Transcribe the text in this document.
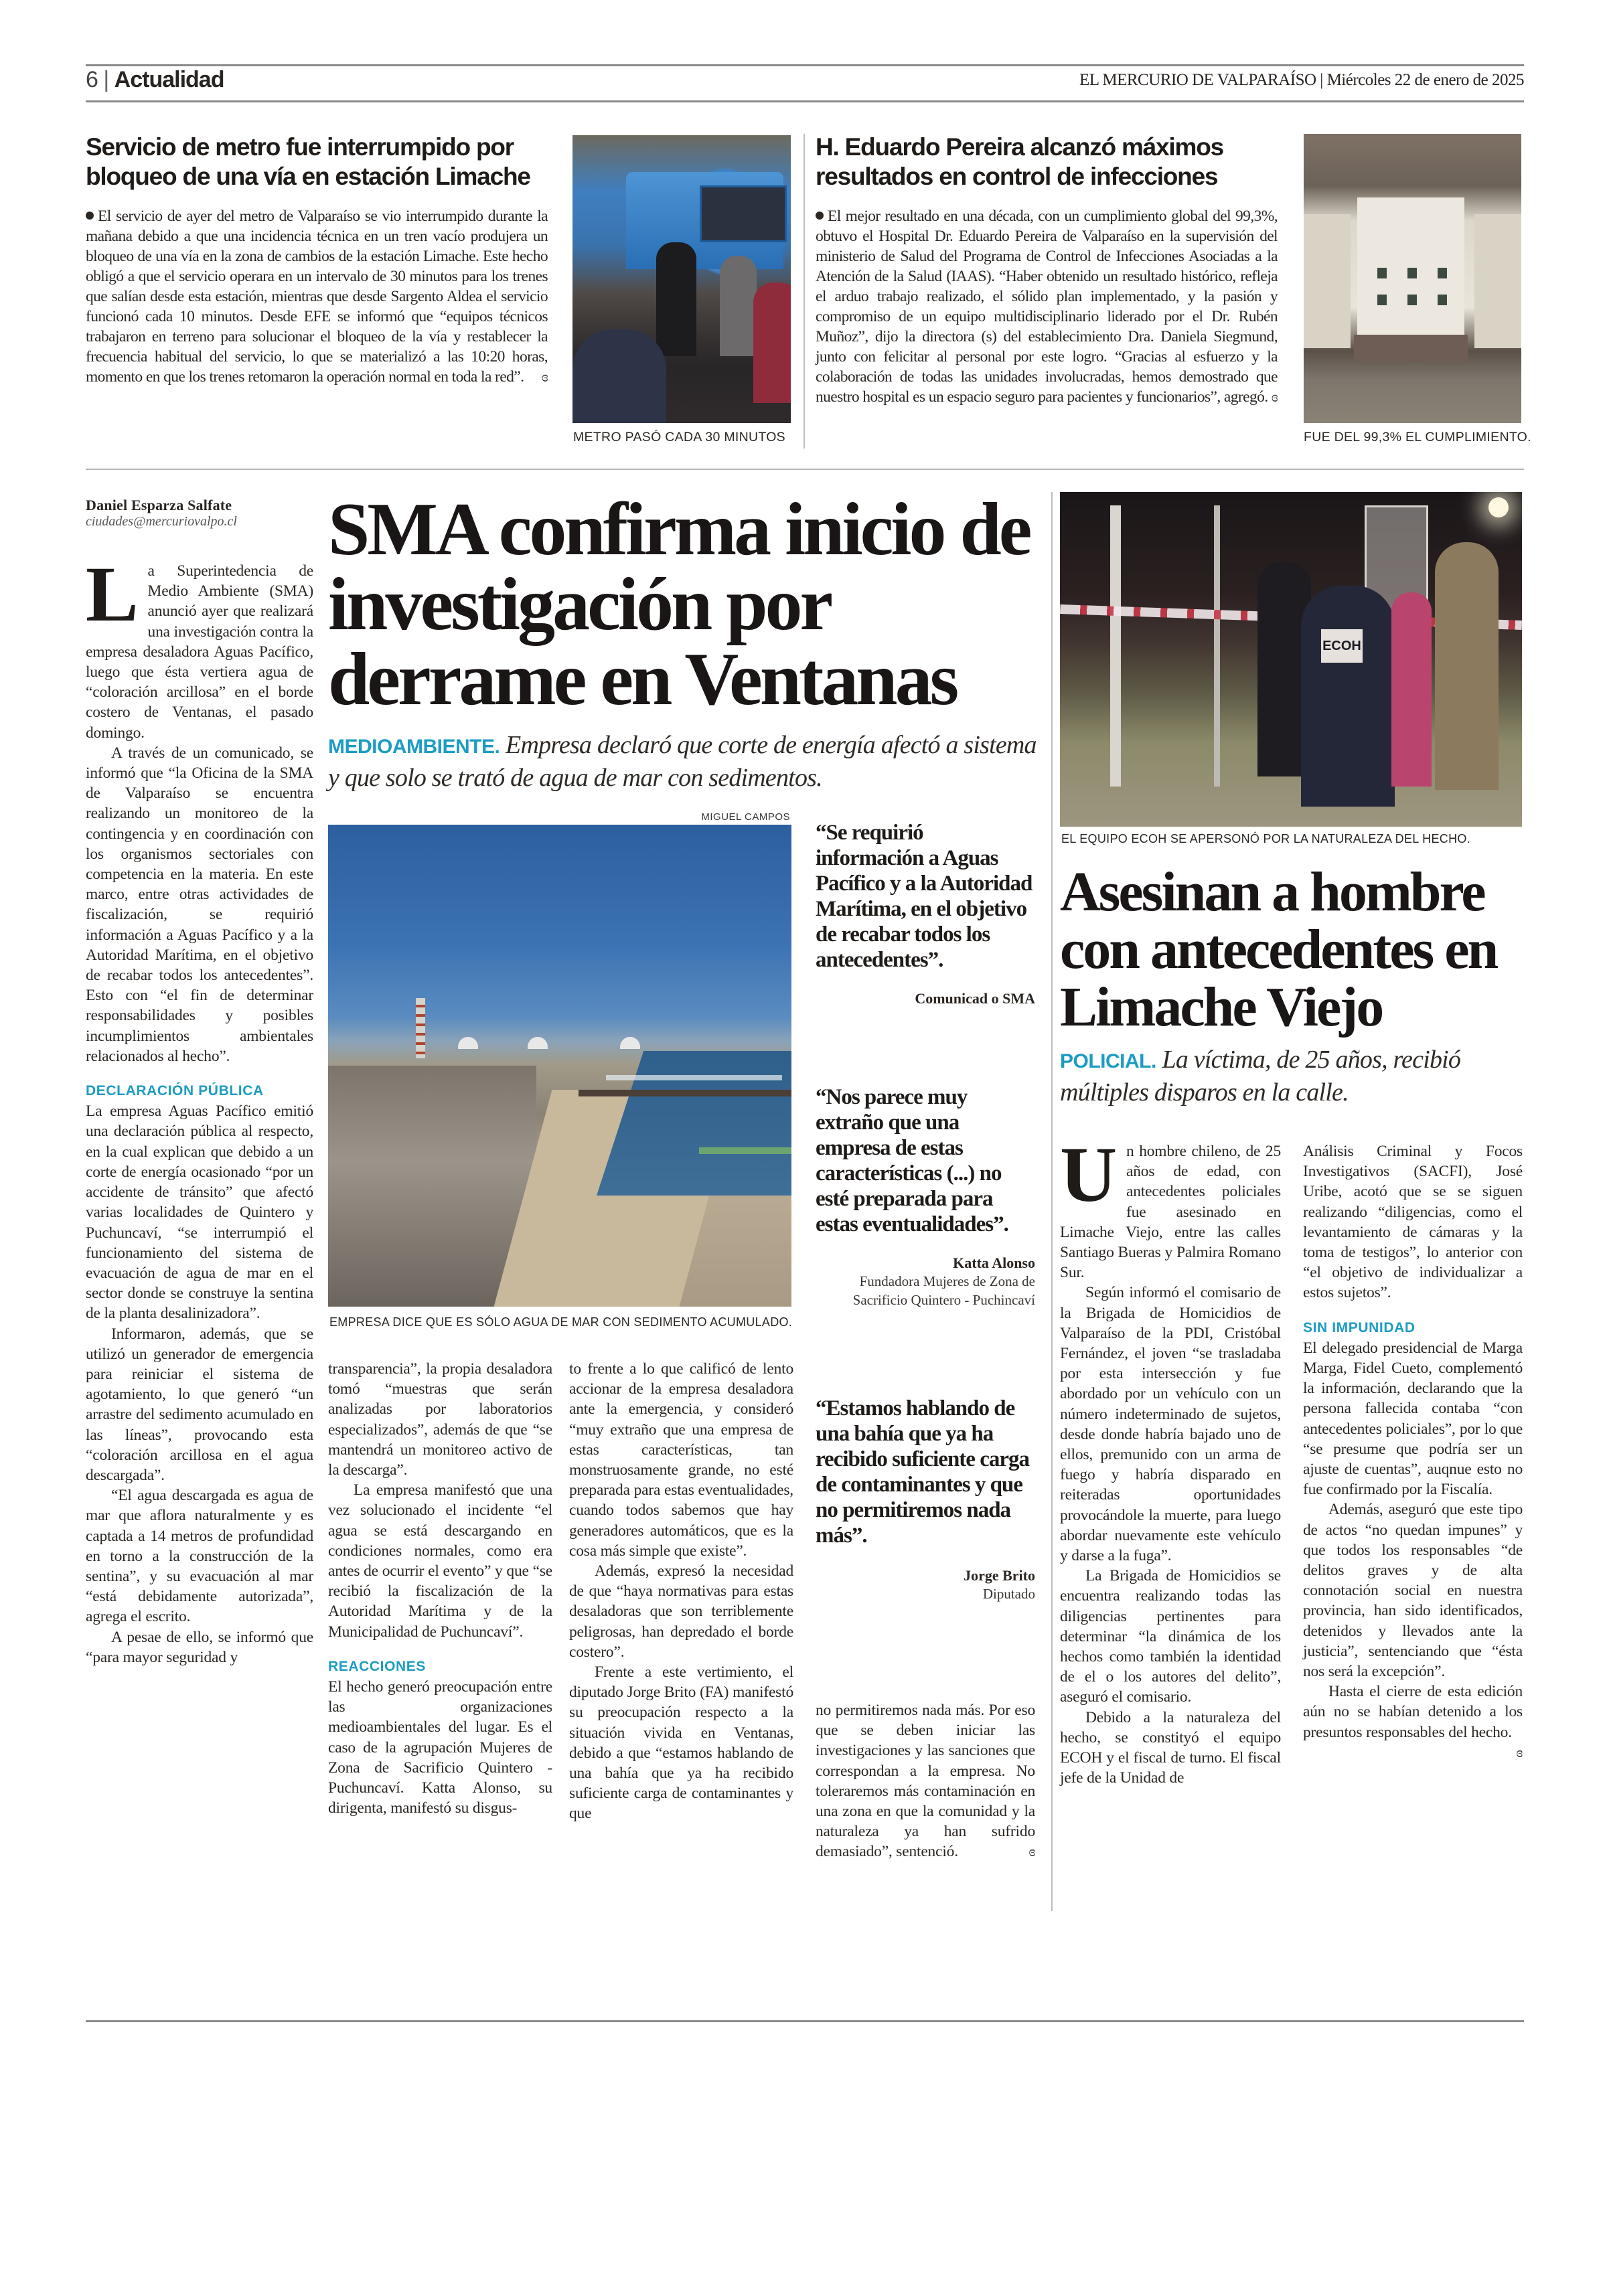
6 | Actualidad	EL MERCURIO DE VALPARAÍSO | Miércoles 22 de enero de 2025
Servicio de metro fue interrumpido por bloqueo de una vía en estación Limache
El servicio de ayer del metro de Valparaíso se vio interrumpido durante la mañana debido a que una incidencia técnica en un tren vacío produjera un bloqueo de una vía en la zona de cambios de la estación Limache. Este hecho obligó a que el servicio operara en un intervalo de 30 minutos para los trenes que salían desde esta estación, mientras que desde Sargento Aldea el servicio funcionó cada 10 minutos. Desde EFE se informó que “equipos técnicos trabajaron en terreno para solucionar el bloqueo de la vía y restablecer la frecuencia habitual del servicio, lo que se materializó a las 10:20 horas, momento en que los trenes retomaron la operación normal en toda la red”. ɞ
METRO PASÓ CADA 30 MINUTOS
H. Eduardo Pereira alcanzó máximos resultados en control de infecciones
El mejor resultado en una década, con un cumplimiento global del 99,3%, obtuvo el Hospital Dr. Eduardo Pereira de Valparaíso en la supervisión del ministerio de Salud del Programa de Control de Infecciones Asociadas a la Atención de la Salud (IAAS). “Haber obtenido un resultado histórico, refleja el arduo trabajo realizado, el sólido plan implementado, y la pasión y compromiso de un equipo multidisciplinario liderado por el Dr. Rubén Muñoz”, dijo la directora (s) del establecimiento Dra. Daniela Siegmund, junto con felicitar al personal por este logro. “Gracias al esfuerzo y la colaboración de todas las unidades involucradas, hemos demostrado que nuestro hospital es un espacio seguro para pacientes y funcionarios”, agregó. ɞ
FUE DEL 99,3% EL CUMPLIMIENTO.
Daniel Esparza Salfate
ciudades@mercuriovalpo.cl

La Superintedencia de Medio Ambiente (SMA) anunció ayer que realizará una investigación contra la empresa desaladora Aguas Pacífico, luego que ésta vertiera agua de “coloración arcillosa” en el borde costero de Ventanas, el pasado domingo.

A través de un comunicado, se informó que “la Oficina de la SMA de Valparaíso se encuentra realizando un monitoreo de la contingencia y en coordinación con los organismos sectoriales con competencia en la materia. En este marco, entre otras actividades de fiscalización, se requirió información a Aguas Pacífico y a la Autoridad Marítima, en el objetivo de recabar todos los antecedentes”. Esto con “el fin de determinar responsabilidades y posibles incumplimientos ambientales relacionados al hecho”.

DECLARACIÓN PÚBLICA

La empresa Aguas Pacífico emitió una declaración pública al respecto, en la cual explican que debido a un corte de energía ocasionado “por un accidente de tránsito” que afectó varias localidades de Quintero y Puchuncaví, “se interrumpió el funcionamiento del sistema de evacuación de agua de mar en el sector donde se construye la sentina de la planta desalinizadora”.

Informaron, además, que se utilizó un generador de emergencia para reiniciar el sistema de agotamiento, lo que generó “un arrastre del sedimento acumulado en las líneas”, provocando esta “coloración arcillosa en el agua descargada”.

“El agua descargada es agua de mar que aflora naturalmente y es captada a 14 metros de profundidad en torno a la construcción de la sentina”, y su evacuación al mar “está debidamente autorizada”, agrega el escrito.

A pesae de ello, se informó que “para mayor seguridad y

SMA confirma inicio de investigación por derrame en Ventanas
MEDIOAMBIENTE. Empresa declaró que corte de energía afectó a sistema y que solo se trató de agua de mar con sedimentos.
MIGUEL CAMPOS
EMPRESA DICE QUE ES SÓLO AGUA DE MAR CON SEDIMENTO ACUMULADO.

transparencia”, la propia desaladora tomó “muestras que serán analizadas por laboratorios especializados”, además de que “se mantendrá un monitoreo activo de la descarga”.

La empresa manifestó que una vez solucionado el incidente “el agua se está descargando en condiciones normales, como era antes de ocurrir el evento” y que “se recibió la fiscalización de la Autoridad Marítima y de la Municipalidad de Puchuncaví”.

REACCIONES

El hecho generó preocupación entre las organizaciones medioambientales del lugar. Es el caso de la agrupación Mujeres de Zona de Sacrificio Quintero - Puchuncaví. Katta Alonso, su dirigenta, manifestó su disgus-

to frente a lo que calificó de lento accionar de la empresa desaladora ante la emergencia, y consideró “muy extraño que una empresa de estas características, tan monstruosamente grande, no esté preparada para estas eventualidades, cuando todos sabemos que hay generadores automáticos, que es la cosa más simple que existe”.

Además, expresó la necesidad de que “haya normativas para estas desaladoras que son terriblemente peligrosas, han depredado el borde costero”.

Frente a este vertimiento, el diputado Jorge Brito (FA) manifestó su preocupación respecto a la situación vivida en Ventanas, debido a que “estamos hablando de una bahía que ya ha recibido suficiente carga de contaminantes y que

“Se requirió información a Aguas Pacífico y a la Autoridad Marítima, en el objetivo de recabar todos los antecedentes”.
Comunicad o SMA
“Nos parece muy extraño que una empresa de estas características (...) no esté preparada para estas eventualidades”.
Katta Alonso
Fundadora Mujeres de Zona de Sacrificio Quintero - Puchincaví
“Estamos hablando de una bahía que ya ha recibido suficiente carga de contaminantes y que no permitiremos nada más”.
Jorge Brito
Diputado

no permitiremos nada más. Por eso que se deben iniciar las investigaciones y las sanciones que correspondan a la empresa. No toleraremos más contaminación en una zona en que la comunidad y la naturaleza ya han sufrido demasiado”, sentenció.	ɞ

ECOH
EL EQUIPO ECOH SE APERSONÓ POR LA NATURALEZA DEL HECHO.
Asesinan a hombre con antecedentes en Limache Viejo
POLICIAL. La víctima, de 25 años, recibió múltiples disparos en la calle.

Un hombre chileno, de 25 años de edad, con antecedentes policiales fue asesinado en Limache Viejo, entre las calles Santiago Bueras y Palmira Romano Sur.

Según informó el comisario de la Brigada de Homicidios de Valparaíso de la PDI, Cristóbal Fernández, el joven “se trasladaba por esta intersección y fue abordado por un vehículo con un número indeterminado de sujetos, desde donde habría bajado uno de ellos, premunido con un arma de fuego y habría disparado en reiteradas oportunidades provocándole la muerte, para luego abordar nuevamente este vehículo y darse a la fuga”.

La Brigada de Homicidios se encuentra realizando todas las diligencias pertinentes para determinar “la dinámica de los hechos como también la identidad de el o los autores del delito”, aseguró el comisario.

Debido a la naturaleza del hecho, se constityó el equipo ECOH y el fiscal de turno. El fiscal jefe de la Unidad de

Análisis Criminal y Focos Investigativos (SACFI), José Uribe, acotó que se se siguen realizando “diligencias, como el levantamiento de cámaras y la toma de testigos”, lo anterior con “el objetivo de individualizar a estos sujetos”.

SIN IMPUNIDAD

El delegado presidencial de Marga Marga, Fidel Cueto, complementó la información, declarando que la persona fallecida contaba “con antecedentes policiales”, por lo que “se presume que podría ser un ajuste de cuentas”, auqnue esto no fue confirmado por la Fiscalía.

Además, aseguró que este tipo de actos “no quedan impunes” y que todos los responsables “de delitos graves y de alta connotación social en nuestra provincia, han sido identificados, detenidos y llevados ante la justicia”, sentenciando que “ésta nos será la excepción”.

Hasta el cierre de esta edición aún no se habían detenido a los presuntos responsables del hecho.
ɞ
